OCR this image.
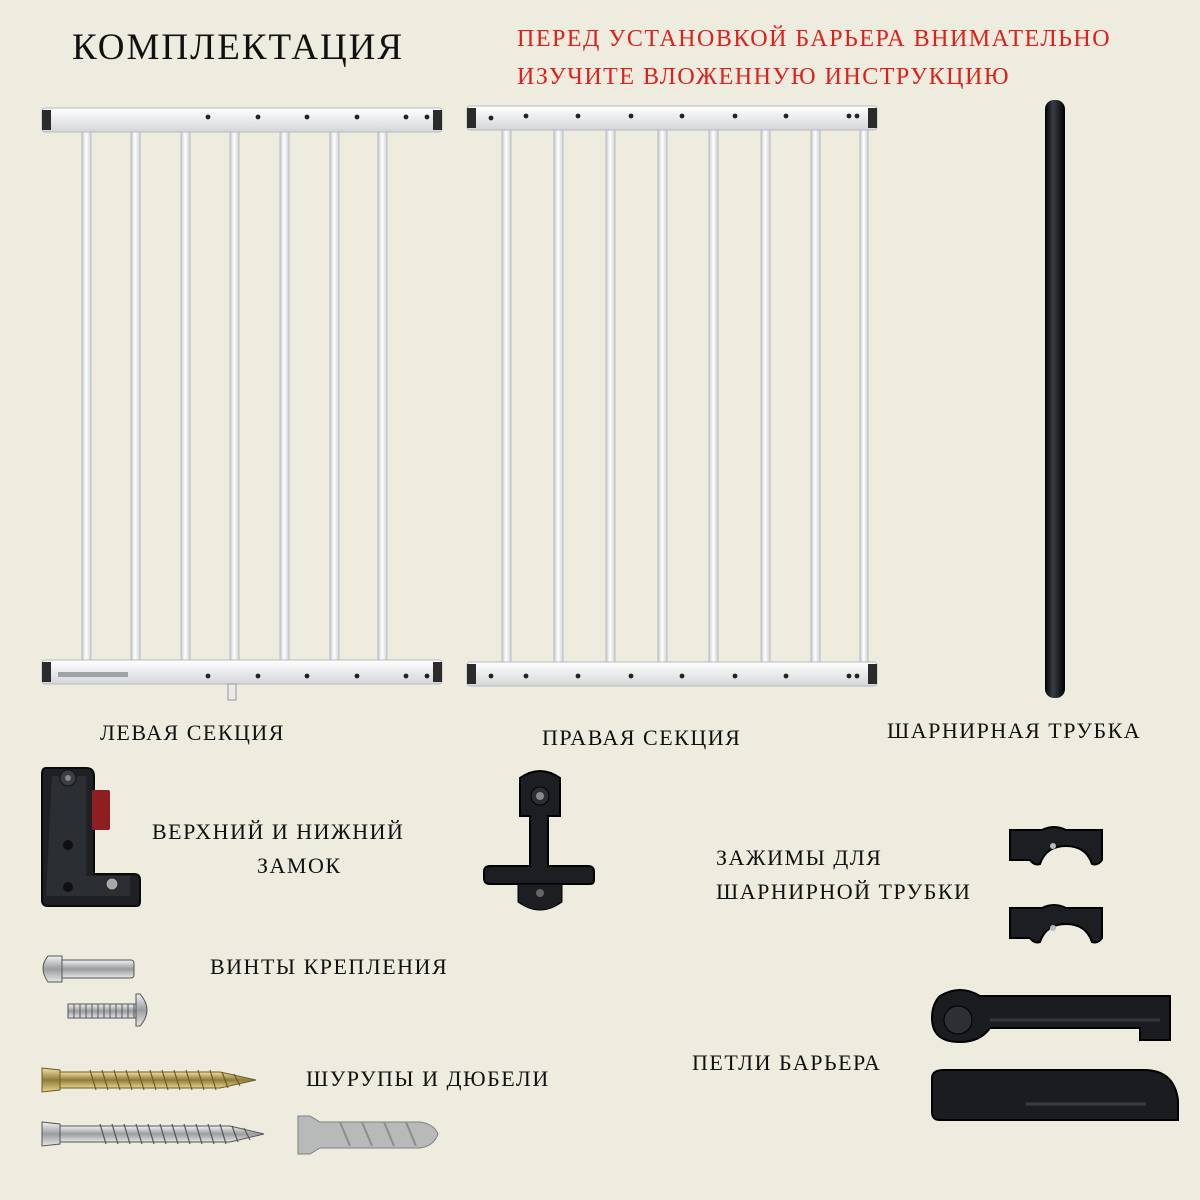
КОМПЛЕКТАЦИЯ	ПЕРЕД УСТАНОВКОЙ БАРЬЕРА ВНИМАТЕЛЬНО
ИЗУЧИТЕ ВЛОЖЕННУЮ ИНСТРУКЦИЮ
ЛЕВАЯ СЕКЦИЯ	ПРАВАЯ СЕКЦИЯ	ШАРНИРНАЯ ТРУБКА
ВЕРХНИЙ И НИЖНИЙ
ЗАМОК	ЗАЖИМЫ ДЛЯ
ШАРНИРНОЙ ТРУБКИ
ВИНТЫ КРЕПЛЕНИЯ
ШУРУПЫ И ДЮБЕЛИ
ПЕТЛИ БАРЬЕРА
